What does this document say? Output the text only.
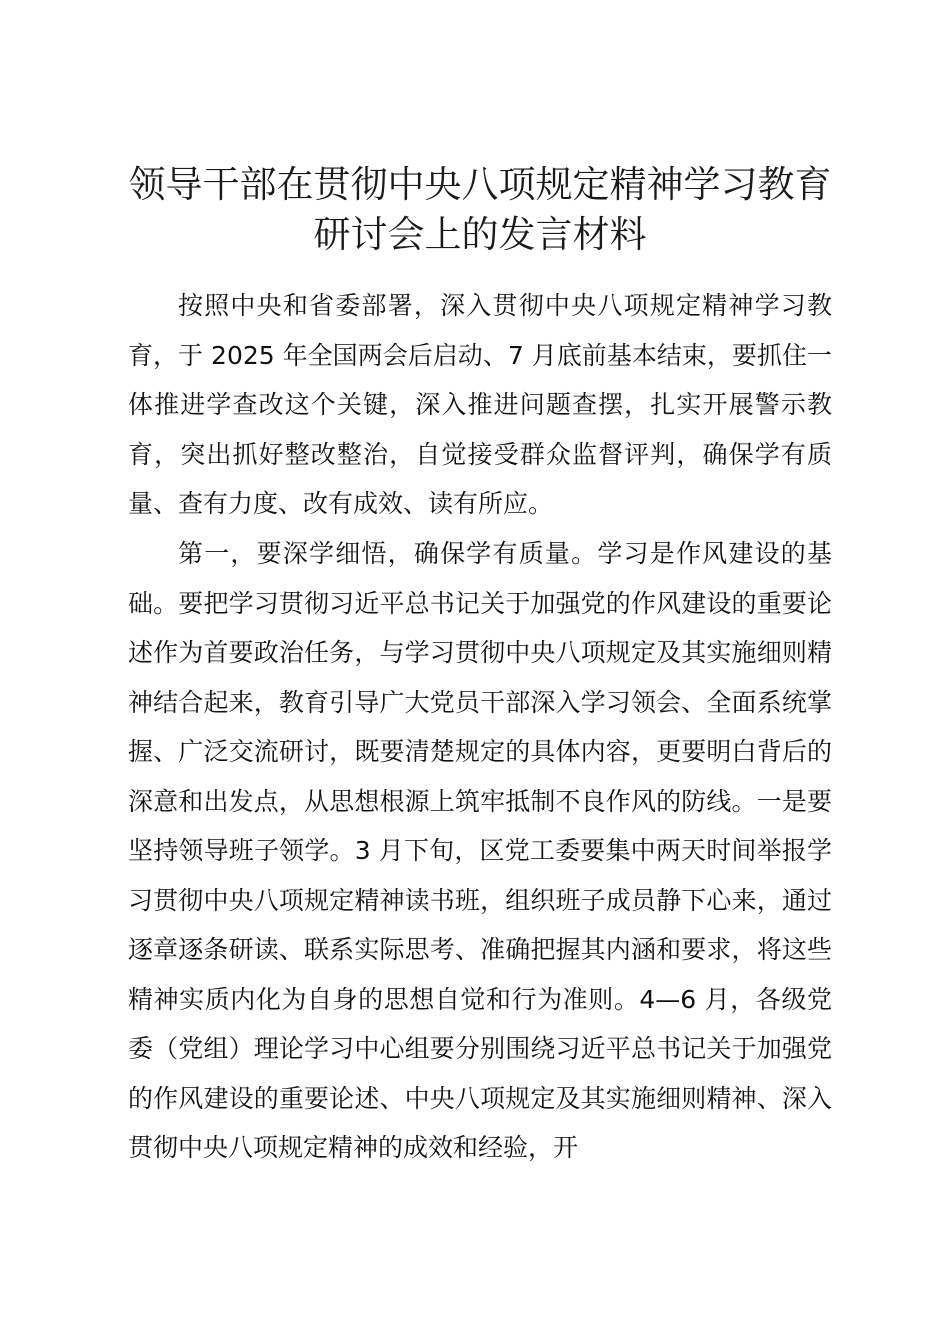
领导干部在贯彻中央八项规定精神学习教育研讨会上的发言材料

按照中央和省委部署，深入贯彻中央八项规定精神学习教育，于 2025 年全国两会后启动、7 月底前基本结束，要抓住一体推进学查改这个关键，深入推进问题查摆，扎实开展警示教育，突出抓好整改整治，自觉接受群众监督评判，确保学有质量、查有力度、改有成效、读有所应。

第一，要深学细悟，确保学有质量。学习是作风建设的基础。要把学习贯彻习近平总书记关于加强党的作风建设的重要论述作为首要政治任务，与学习贯彻中央八项规定及其实施细则精神结合起来，教育引导广大党员干部深入学习领会、全面系统掌握、广泛交流研讨，既要清楚规定的具体内容，更要明白背后的深意和出发点，从思想根源上筑牢抵制不良作风的防线。一是要坚持领导班子领学。3 月下旬，区党工委要集中两天时间举报学习贯彻中央八项规定精神读书班，组织班子成员静下心来，通过逐章逐条研读、联系实际思考、准确把握其内涵和要求，将这些精神实质内化为自身的思想自觉和行为准则。4—6 月，各级党委（党组）理论学习中心组要分别围绕习近平总书记关于加强党的作风建设的重要论述、中央八项规定及其实施细则精神、深入贯彻中央八项规定精神的成效和经验，开
